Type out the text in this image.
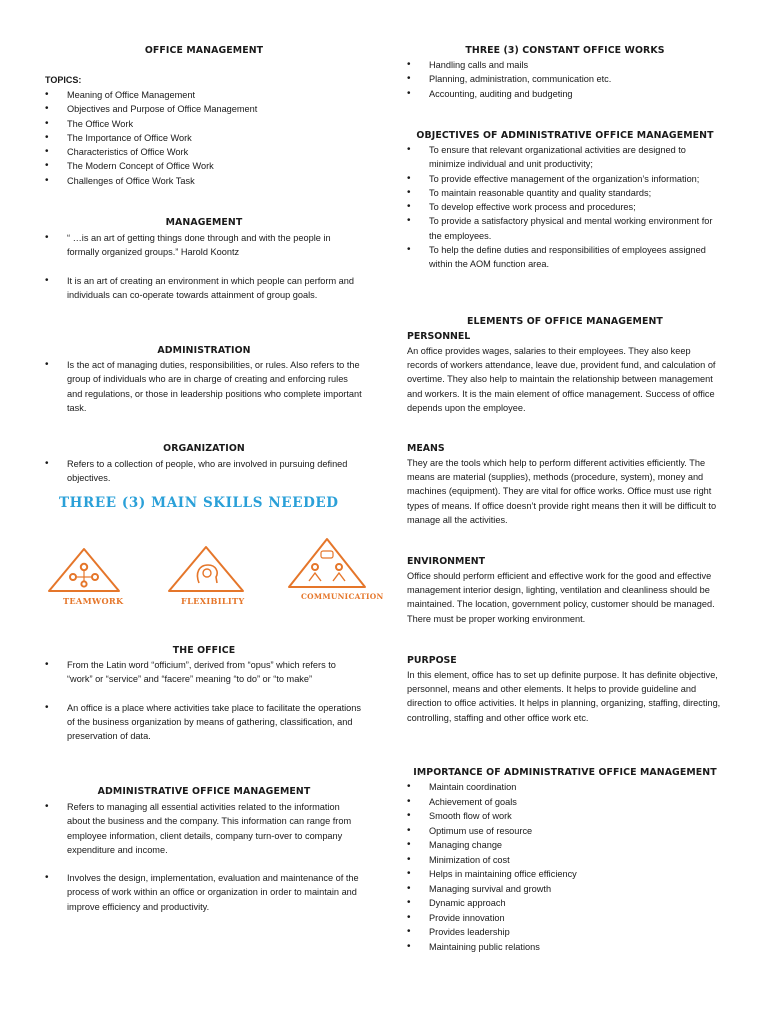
OFFICE MANAGEMENT
TOPICS:
• Meaning of Office Management
• Objectives and Purpose of Office Management
• The Office Work
• The Importance of Office Work
• Characteristics of Office Work
• The Modern Concept of Office Work
• Challenges of Office Work Task
MANAGEMENT
• “ …is an art of getting things done through and with the people in formally organized groups.” Harold Koontz
• It is an art of creating an environment in which people can perform and individuals can co-operate towards attainment of group goals.
ADMINISTRATION
• Is the act of managing duties, responsibilities, or rules. Also refers to the group of individuals who are in charge of creating and enforcing rules and regulations, or those in leadership positions who complete important task.
ORGANIZATION
• Refers to a collection of people, who are involved in pursuing defined objectives.
THREE (3) MAIN SKILLS NEEDED
TEAMWORK	FLEXIBILITY	COMMUNICATION
THE OFFICE
• From the Latin word “officium”, derived from “opus” which refers to “work” or “service” and “facere” meaning “to do” or “to make”
• An office is a place where activities take place to facilitate the operations of the business organization by means of gathering, classification, and preservation of data.
ADMINISTRATIVE OFFICE MANAGEMENT
• Refers to managing all essential activities related to the information about the business and the company. This information can range from employee information, client details, company turn-over to company expenditure and income.
• Involves the design, implementation, evaluation and maintenance of the process of work within an office or organization in order to maintain and improve efficiency and productivity.
THREE (3) CONSTANT OFFICE WORKS
• Handling calls and mails
• Planning, administration, communication etc.
• Accounting, auditing and budgeting
OBJECTIVES OF ADMINISTRATIVE OFFICE MANAGEMENT
• To ensure that relevant organizational activities are designed to minimize individual and unit productivity;
• To provide effective management of the organization’s information;
• To maintain reasonable quantity and quality standards;
• To develop effective work process and procedures;
• To provide a satisfactory physical and mental working environment for the employees.
• To help the define duties and responsibilities of employees assigned within the AOM function area.
ELEMENTS OF OFFICE MANAGEMENT
PERSONNEL

An office provides wages, salaries to their employees. They also keep records of workers attendance, leave due, provident fund, and calculation of overtime. They also help to maintain the relationship between management and workers. It is the main element of office management. Success of office depends upon the employee.

MEANS

They are the tools which help to perform different activities efficiently. The means are material (supplies), methods (procedure, system), money and machines (equipment). They are vital for office works. Office must use right types of means. If office doesn’t provide right means then it will be difficult to manage all the activities.

ENVIRONMENT

Office should perform efficient and effective work for the good and effective management interior design, lighting, ventilation and cleanliness should be maintained. The location, government policy, customer should be managed. There must be proper working environment.

PURPOSE

In this element, office has to set up definite purpose. It has definite objective, personnel, means and other elements. It helps to provide guideline and direction to office activities. It helps in planning, organizing, staffing, directing, controlling, staffing and other office work etc.

IMPORTANCE OF ADMINISTRATIVE OFFICE MANAGEMENT
• Maintain coordination
• Achievement of goals
• Smooth flow of work
• Optimum use of resource
• Managing change
• Minimization of cost
• Helps in maintaining office efficiency
• Managing survival and growth
• Dynamic approach
• Provide innovation
• Provides leadership
• Maintaining public relations
